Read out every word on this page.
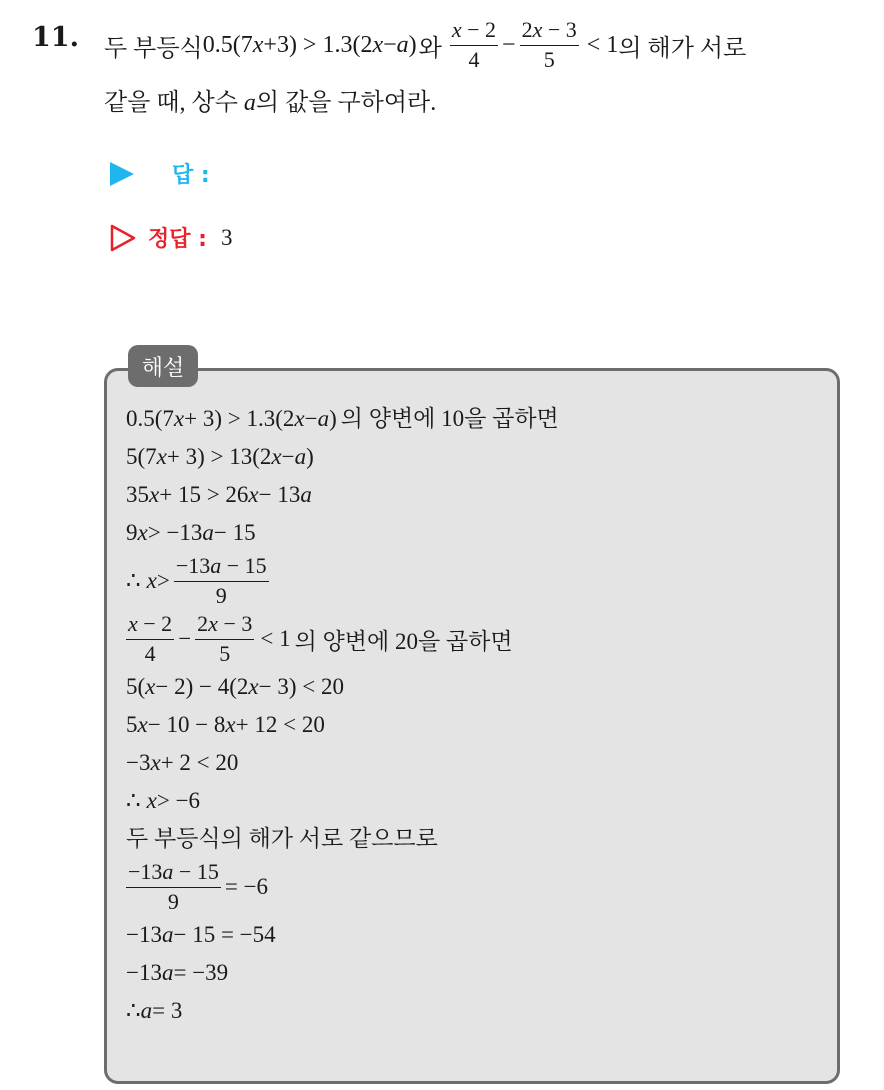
11. 두 부등식 0.5(7 x +3) > 1.3(2 x − a ) 와 $\frac{x - 2}{4} - \frac{2x - 3}{5} < 1$ 의 해가 서로
같을 때, 상수 a의 값을 구하여라.
답 :
정답 : 3
해설
0.5(7 x + 3) > 1.3(2 x − a ) 의 양변에 10을 곱하면
5(7 x + 3) > 13(2 x − a )
35 x + 15 > 26 x − 13 a
9 x > −13 a − 15
∴ $x > \frac{-13a - 15}{9}$
$\frac{x - 2}{4} - \frac{2x - 3}{5} < 1$ 의 양변에 20을 곱하면
5( x − 2) − 4(2 x − 3) < 20
5 x − 10 − 8 x + 12 < 20
−3 x + 2 < 20
∴ x > −6
두 부등식의 해가 서로 같으므로
$\frac{-13a - 15}{9} = -6$
−13 a − 15 = −54
−13 a = −39
∴ a = 3
